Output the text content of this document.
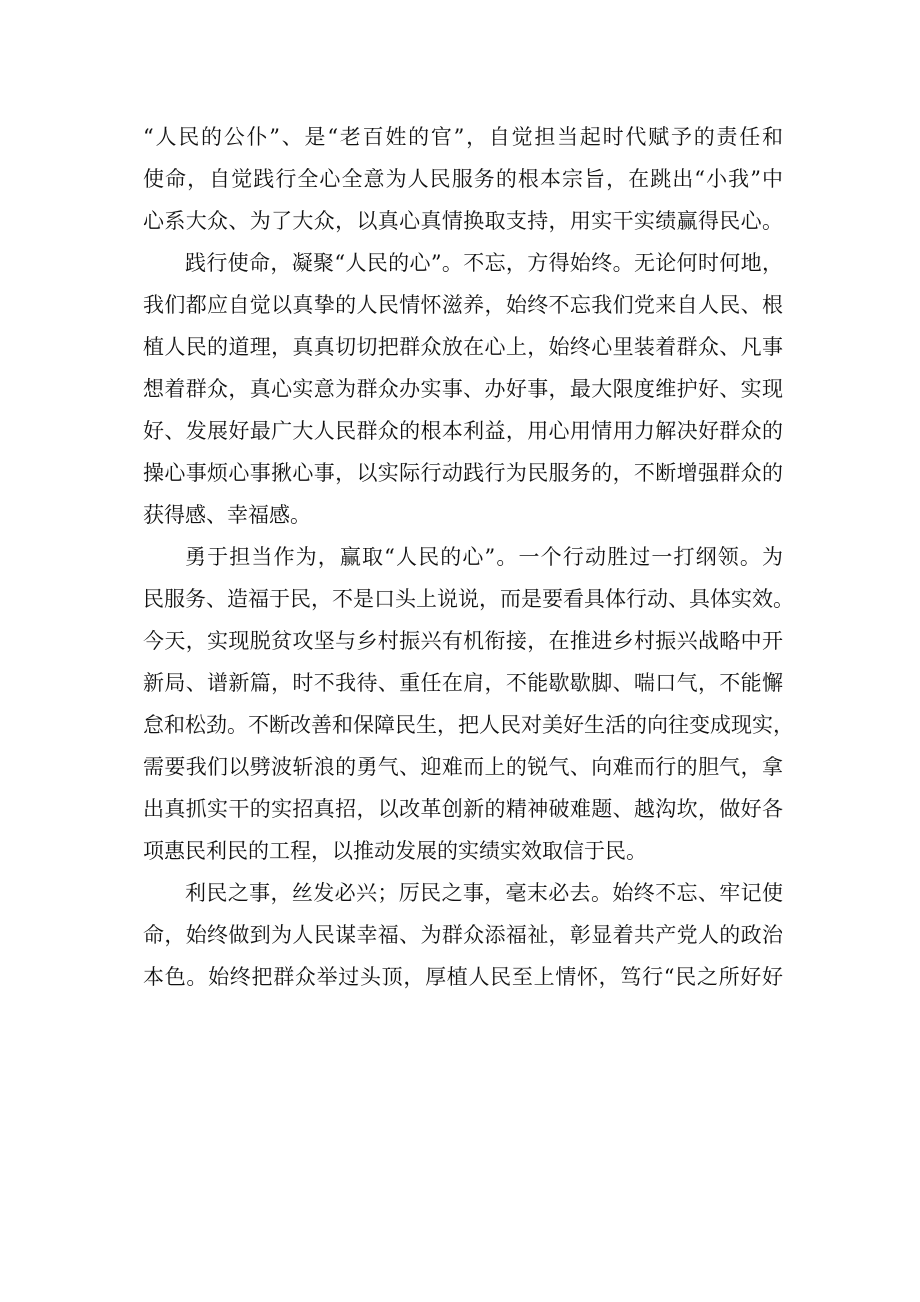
“人民的公仆”、是“老百姓的官”，自觉担当起时代赋予的责任和
使命，自觉践行全心全意为人民服务的根本宗旨，在跳出“小我”中
心系大众、为了大众，以真心真情换取支持，用实干实绩赢得民心。
践行使命，凝聚“人民的心”。不忘，方得始终。无论何时何地，
我们都应自觉以真挚的人民情怀滋养，始终不忘我们党来自人民、根
植人民的道理，真真切切把群众放在心上，始终心里装着群众、凡事
想着群众，真心实意为群众办实事、办好事，最大限度维护好、实现
好、发展好最广大人民群众的根本利益，用心用情用力解决好群众的
操心事烦心事揪心事，以实际行动践行为民服务的，不断增强群众的
获得感、幸福感。
勇于担当作为，赢取“人民的心”。一个行动胜过一打纲领。为
民服务、造福于民，不是口头上说说，而是要看具体行动、具体实效。
今天，实现脱贫攻坚与乡村振兴有机衔接，在推进乡村振兴战略中开
新局、谱新篇，时不我待、重任在肩，不能歇歇脚、喘口气，不能懈
怠和松劲。不断改善和保障民生，把人民对美好生活的向往变成现实，
需要我们以劈波斩浪的勇气、迎难而上的锐气、向难而行的胆气，拿
出真抓实干的实招真招，以改革创新的精神破难题、越沟坎，做好各
项惠民利民的工程，以推动发展的实绩实效取信于民。
利民之事，丝发必兴；厉民之事，毫末必去。始终不忘、牢记使
命，始终做到为人民谋幸福、为群众添福祉，彰显着共产党人的政治
本色。始终把群众举过头顶，厚植人民至上情怀，笃行“民之所好好
